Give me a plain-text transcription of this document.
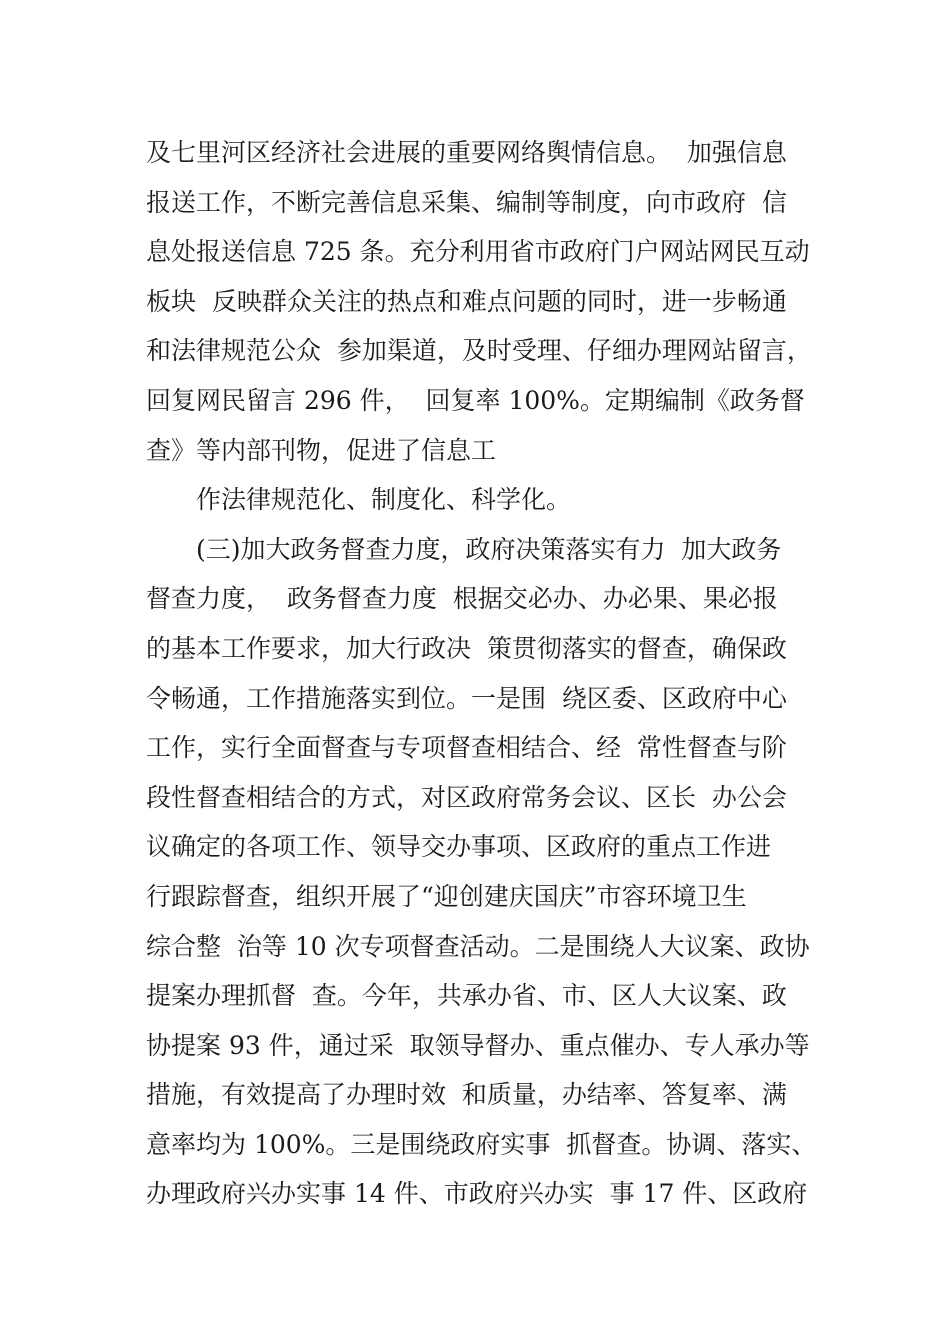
及七里河区经济社会进展的重要网络舆情信息。  加强信息
报送工作，不断完善信息采集、编制等制度，向市政府  信
息处报送信息 725 条。充分利用省市政府门户网站网民互动
板块  反映群众关注的热点和难点问题的同时，进一步畅通
和法律规范公众  参加渠道，及时受理、仔细办理网站留言，
回复网民留言 296 件，  回复率 100%。定期编制《政务督
查》等内部刊物，促进了信息工
作法律规范化、制度化、科学化。
(三)加大政务督查力度，政府决策落实有力  加大政务
督查力度，  政务督查力度  根据交必办、办必果、果必报
的基本工作要求，加大行政决  策贯彻落实的督查，确保政
令畅通，工作措施落实到位。一是围  绕区委、区政府中心
工作，实行全面督查与专项督查相结合、经  常性督查与阶
段性督查相结合的方式，对区政府常务会议、区长  办公会
议确定的各项工作、领导交办事项、区政府的重点工作进
行跟踪督查，组织开展了“迎创建庆国庆”市容环境卫生
综合整  治等 10 次专项督查活动。二是围绕人大议案、政协
提案办理抓督  查。今年，共承办省、市、区人大议案、政
协提案 93 件，通过采  取领导督办、重点催办、专人承办等
措施，有效提高了办理时效  和质量，办结率、答复率、满
意率均为 100%。三是围绕政府实事  抓督查。协调、落实、
办理政府兴办实事 14 件、市政府兴办实  事 17 件、区政府
